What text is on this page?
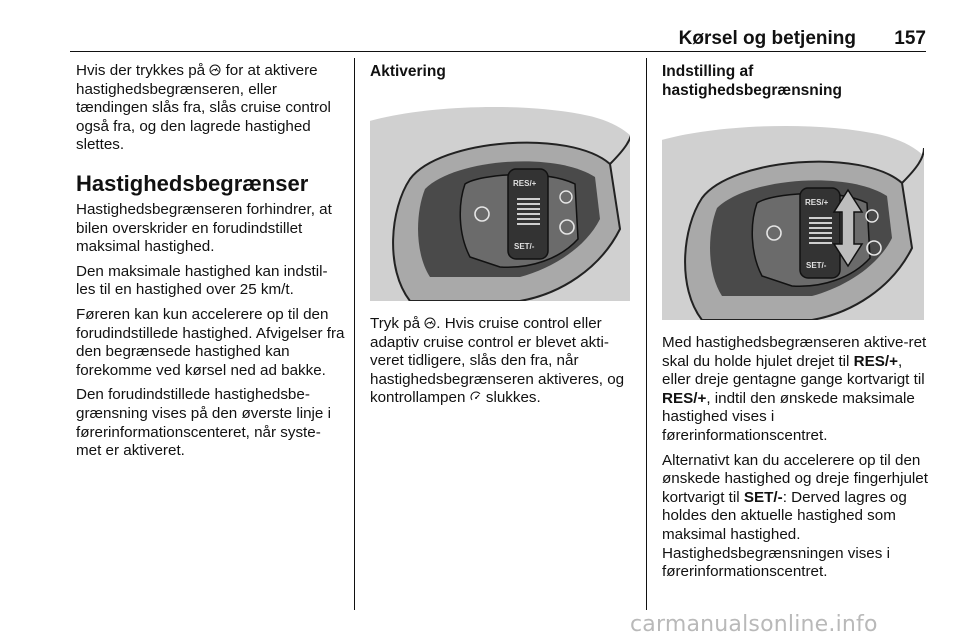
Kørsel og betjening 157

Hvis der trykkes på  for at aktivere hastighedsbegrænseren, eller tændingen slås fra, slås cruise control også fra, og den lagrede hastighed slettes.

Hastighedsbegrænser

Hastighedsbegrænseren forhindrer, at bilen overskrider en forudindstillet maksimal hastighed.

Den maksimale hastighed kan indstil-les til en hastighed over 25 km/t.

Føreren kan kun accelerere op til den forudindstillede hastighed. Afvigelser fra den begrænsede hastighed kan forekomme ved kørsel ned ad bakke.

Den forudindstillede hastighedsbe-grænsning vises på den øverste linje i førerinformationscenteret, når syste-met er aktiveret.

Aktivering
RES/+
SET/-

Tryk på . Hvis cruise control eller adaptiv cruise control er blevet akti-veret tidligere, slås den fra, når hastighedsbegrænseren aktiveres, og kontrollampen  slukkes.

Indstilling af hastighedsbegrænsning
RES/+
SET/-

Med hastighedsbegrænseren aktive-ret skal du holde hjulet drejet til RES/+, eller dreje gentagne gange kortvarigt til RES/+, indtil den ønskede maksimale hastighed vises i førerinformationscentret.

Alternativt kan du accelerere op til den ønskede hastighed og dreje fingerhjulet kortvarigt til SET/-: Derved lagres og holdes den aktuelle hastighed som maksimal hastighed. Hastighedsbegrænsningen vises i førerinformationscentret.

carmanualsonline.info
